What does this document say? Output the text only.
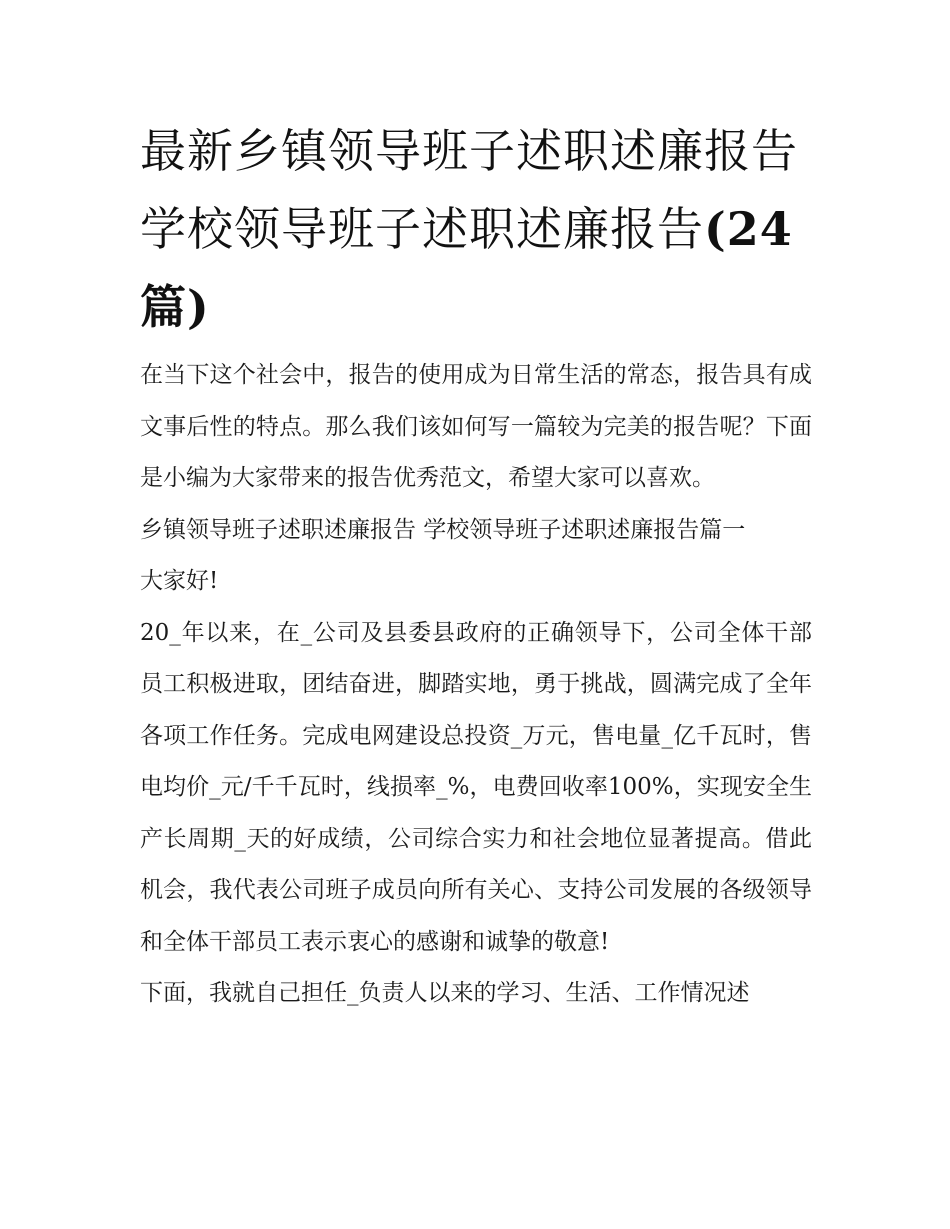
最新乡镇领导班子述职述廉报告 学校领导班子述职述廉报告(24篇)

在当下这个社会中，报告的使用成为日常生活的常态，报告具有成文事后性的特点。那么我们该如何写一篇较为完美的报告呢？下面是小编为大家带来的报告优秀范文，希望大家可以喜欢。

乡镇领导班子述职述廉报告 学校领导班子述职述廉报告篇一

大家好!

20_年以来，在_公司及县委县政府的正确领导下，公司全体干部员工积极进取，团结奋进，脚踏实地，勇于挑战，圆满完成了全年各项工作任务。完成电网建设总投资_万元，售电量_亿千瓦时，售电均价_元/千千瓦时，线损率_%，电费回收率100%，实现安全生产长周期_天的好成绩，公司综合实力和社会地位显著提高。借此机会，我代表公司班子成员向所有关心、支持公司发展的各级领导和全体干部员工表示衷心的感谢和诚挚的敬意!

下面，我就自己担任_负责人以来的学习、生活、工作情况述
